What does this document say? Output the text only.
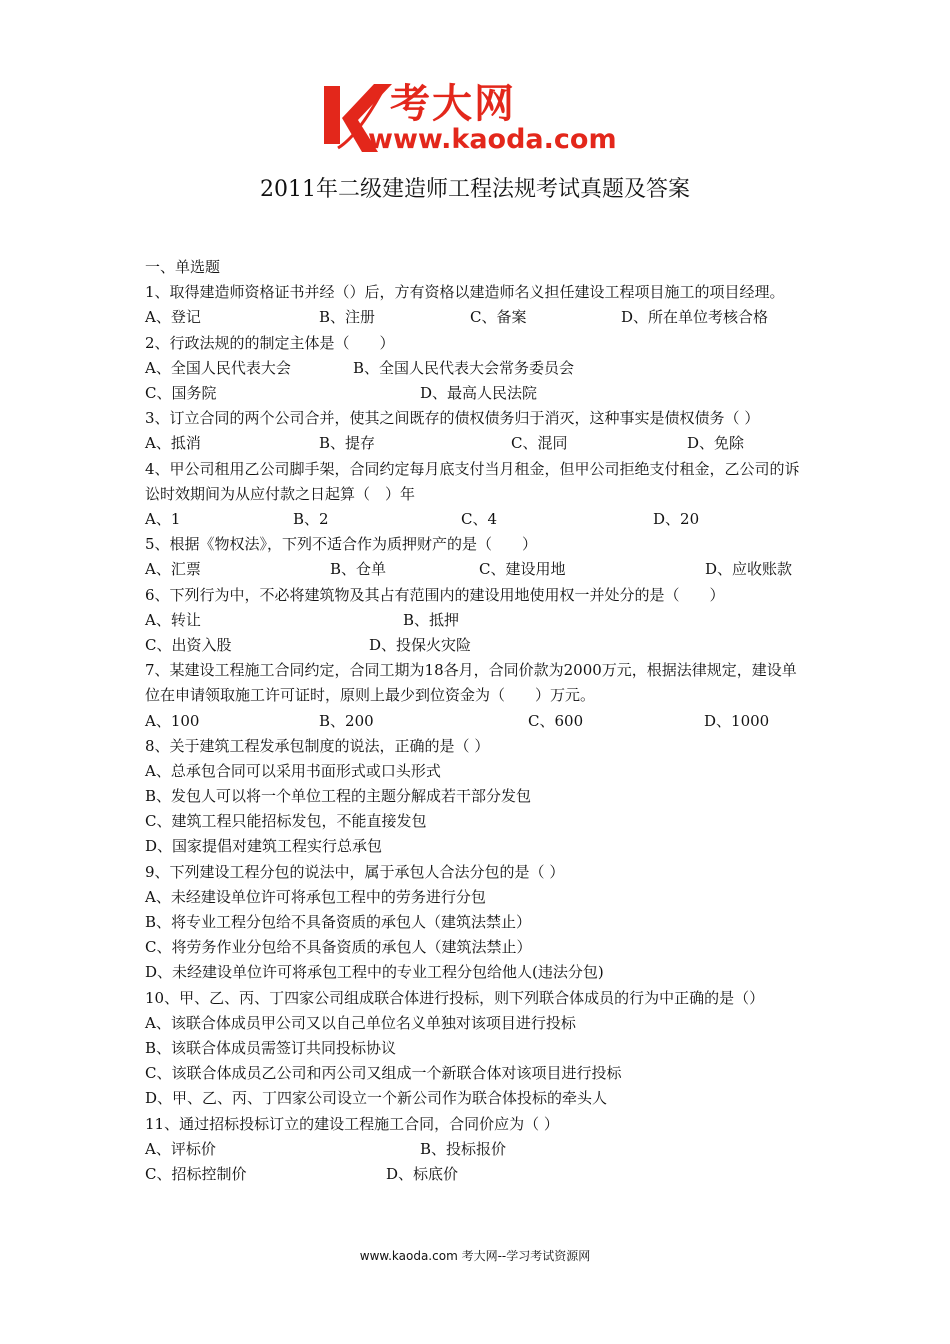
考大网
www.kaoda.com
2011年二级建造师工程法规考试真题及答案
一、单选题
1、取得建造师资格证书并经（）后，方有资格以建造师名义担任建设工程项目施工的项目经理。
A、登记	B、注册	C、备案	D、所在单位考核合格
2、行政法规的的制定主体是（　　）
A、全国人民代表大会	B、全国人民代表大会常务委员会
C、国务院	D、最高人民法院
3、订立合同的两个公司合并，使其之间既存的债权债务归于消灭，这种事实是债权债务（ ）
A、抵消	B、提存	C、混同	D、免除
4、甲公司租用乙公司脚手架，合同约定每月底支付当月租金，但甲公司拒绝支付租金，乙公司的诉讼时效期间为从应付款之日起算（　）年
A、1	B、2	C、4	D、20
5、根据《物权法》，下列不适合作为质押财产的是（　　）
A、汇票	B、仓单	C、建设用地	D、应收账款
6、下列行为中，不必将建筑物及其占有范围内的建设用地使用权一并处分的是（　　）
A、转让	B、抵押
C、出资入股	D、投保火灾险
7、某建设工程施工合同约定，合同工期为18各月，合同价款为2000万元，根据法律规定，建设单位在申请领取施工许可证时，原则上最少到位资金为（　　）万元。
A、100	B、200	C、600	D、1000
8、关于建筑工程发承包制度的说法，正确的是（ ）
A、总承包合同可以采用书面形式或口头形式
B、发包人可以将一个单位工程的主题分解成若干部分发包
C、建筑工程只能招标发包，不能直接发包
D、国家提倡对建筑工程实行总承包
9、下列建设工程分包的说法中，属于承包人合法分包的是（ ）
A、未经建设单位许可将承包工程中的劳务进行分包
B、将专业工程分包给不具备资质的承包人（建筑法禁止）
C、将劳务作业分包给不具备资质的承包人（建筑法禁止）
D、未经建设单位许可将承包工程中的专业工程分包给他人(违法分包)
10、甲、乙、丙、丁四家公司组成联合体进行投标，则下列联合体成员的行为中正确的是（）
A、该联合体成员甲公司又以自己单位名义单独对该项目进行投标
B、该联合体成员需签订共同投标协议
C、该联合体成员乙公司和丙公司又组成一个新联合体对该项目进行投标
D、甲、乙、丙、丁四家公司设立一个新公司作为联合体投标的牵头人
11、通过招标投标订立的建设工程施工合同，合同价应为（ ）
A、评标价	B、投标报价
C、招标控制价	D、标底价
www.kaoda.com 考大网--学习考试资源网
